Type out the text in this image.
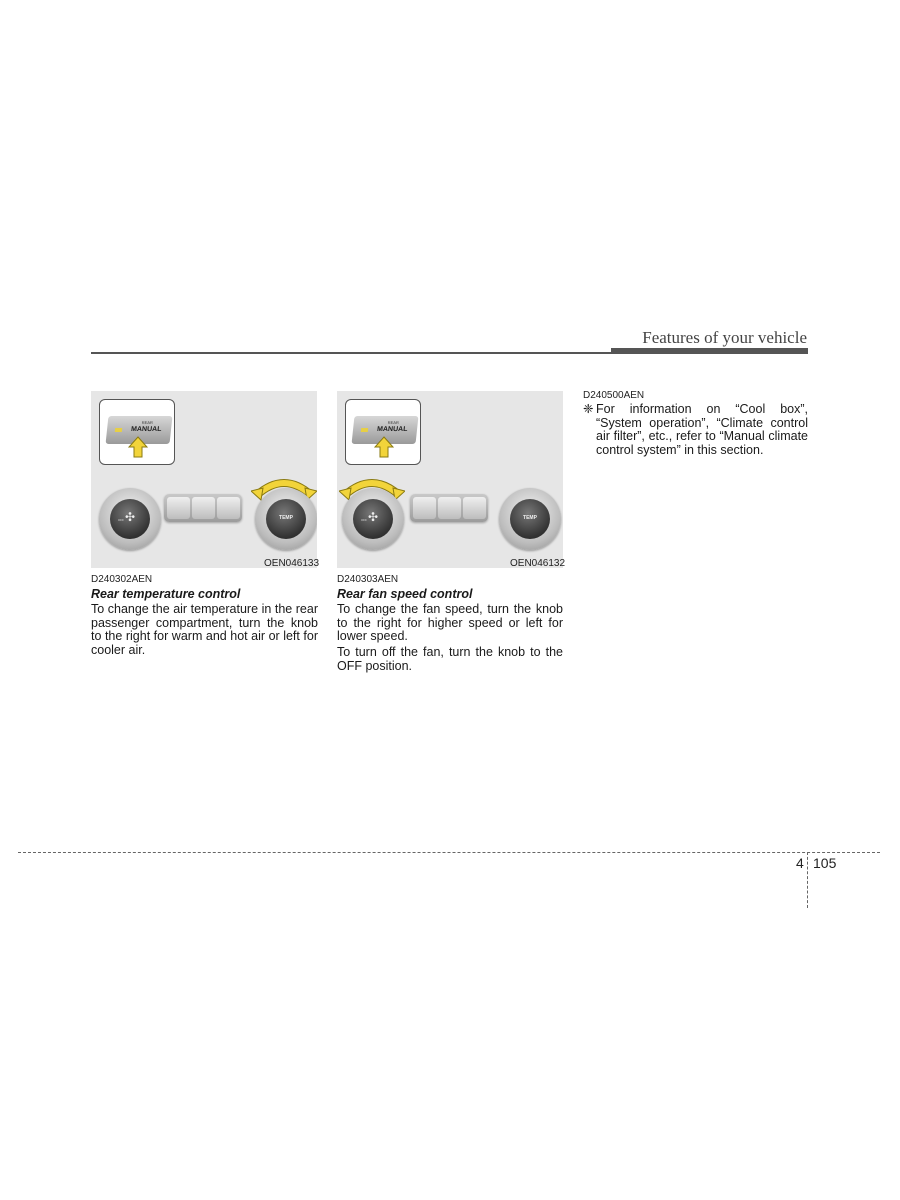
Features of your vehicle
REAR
MANUAL
OFF ✣	TEMP
OEN046133
REAR
MANUAL
OFF ✣	TEMP
OEN046132
D240302AEN
Rear temperature control

To change the air temperature in the rear passenger compartment, turn the knob to the right for warm and hot air or left for cooler air.

D240303AEN
Rear fan speed control

To change the fan speed, turn the knob to the right for higher speed or left for lower speed.

To turn off the fan, turn the knob to the OFF position.

D240500AEN
❈ For information on “Cool box”, “System operation”, “Climate control air filter”, etc., refer to “Manual climate control system” in this section.

4 105
